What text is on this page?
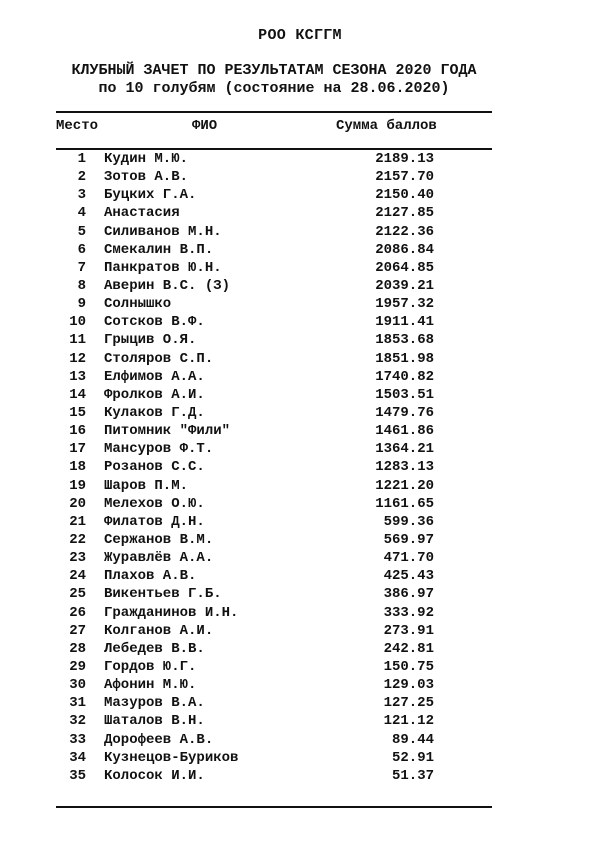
РОО КСГГМ
КЛУБНЫЙ ЗАЧЕТ ПО РЕЗУЛЬТАТАМ СЕЗОНА 2020 ГОДА
по 10 голубям (состояние на 28.06.2020)
Место	ФИО	Сумма баллов
1 Кудин М.Ю.	2189.13
2 Зотов А.В.	2157.70
3 Буцких Г.А.	2150.40
4 Анастасия	2127.85
5 Силиванов М.Н.	2122.36
6 Смекалин В.П.	2086.84
7 Панкратов Ю.Н.	2064.85
8 Аверин В.С. (З)	2039.21
9 Солнышко	1957.32
10 Сотсков В.Ф.	1911.41
11 Грыцив О.Я.	1853.68
12 Столяров С.П.	1851.98
13 Елфимов А.А.	1740.82
14 Фролков А.И.	1503.51
15 Кулаков Г.Д.	1479.76
16 Питомник "Фили"	1461.86
17 Мансуров Ф.Т.	1364.21
18 Розанов С.С.	1283.13
19 Шаров П.М.	1221.20
20 Мелехов О.Ю.	1161.65
21 Филатов Д.Н.	599.36
22 Сержанов В.М.	569.97
23 Журавлёв А.А.	471.70
24 Плахов А.В.	425.43
25 Викентьев Г.Б.	386.97
26 Гражданинов И.Н.	333.92
27 Колганов А.И.	273.91
28 Лебедев В.В.	242.81
29 Гордов Ю.Г.	150.75
30 Афонин М.Ю.	129.03
31 Мазуров В.А.	127.25
32 Шаталов В.Н.	121.12
33 Дорофеев А.В.	89.44
34 Кузнецов-Буриков	52.91
35 Колосок И.И.	51.37
